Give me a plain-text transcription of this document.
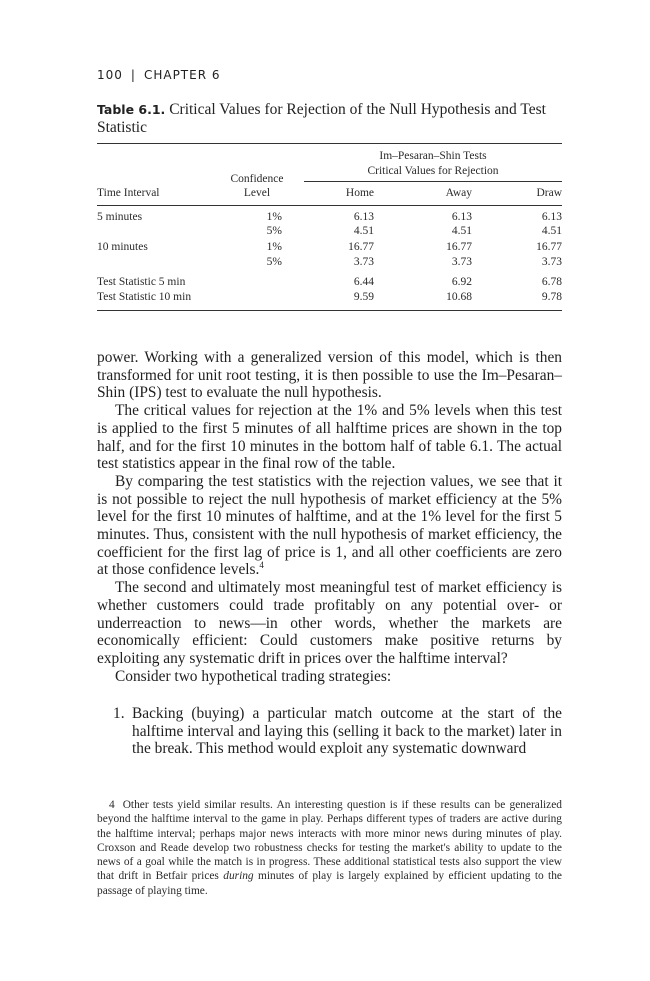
100 | CHAPTER 6
Table 6.1. Critical Values for Rejection of the Null Hypothesis and Test Statistic
Im–Pesaran–Shin Tests
Critical Values for Rejection
Confidence
Level
Time Interval	Home	Away	Draw
5 minutes	1%	6.13	6.13	6.13
5%	4.51	4.51	4.51
10 minutes	1%	16.77	16.77	16.77
5%	3.73	3.73	3.73
Test Statistic 5 min	6.44	6.92	6.78
Test Statistic 10 min	9.59	10.68	9.78

power. Working with a generalized version of this model, which is then transformed for unit root testing, it is then possible to use the Im–Pesaran–Shin (IPS) test to evaluate the null hypothesis.

The critical values for rejection at the 1% and 5% levels when this test is applied to the first 5 minutes of all halftime prices are shown in the top half, and for the first 10 minutes in the bottom half of table 6.1. The actual test statistics appear in the final row of the table.

By comparing the test statistics with the rejection values, we see that it is not possible to reject the null hypothesis of market efficiency at the 5% level for the first 10 minutes of halftime, and at the 1% level for the first 5 minutes. Thus, consistent with the null hypothesis of market efficiency, the coefficient for the first lag of price is 1, and all other coefficients are zero at those confidence levels.$^4$

The second and ultimately most meaningful test of market efficiency is whether customers could trade profitably on any potential over- or underreaction to news—in other words, whether the markets are economically efficient: Could customers make positive returns by exploiting any systematic drift in prices over the halftime interval?

Consider two hypothetical trading strategies:

1. Backing (buying) a particular match outcome at the start of the halftime interval and laying this (selling it back to the market) later in the break. This method would exploit any systematic downward
4 Other tests yield similar results. An interesting question is if these results can be generalized beyond the halftime interval to the game in play. Perhaps different types of traders are active during the halftime interval; perhaps major news interacts with more minor news during minutes of play. Croxson and Reade develop two robustness checks for testing the market's ability to update to the news of a goal while the match is in progress. These additional statistical tests also support the view that drift in Betfair prices during minutes of play is largely explained by efficient updating to the passage of playing time.
